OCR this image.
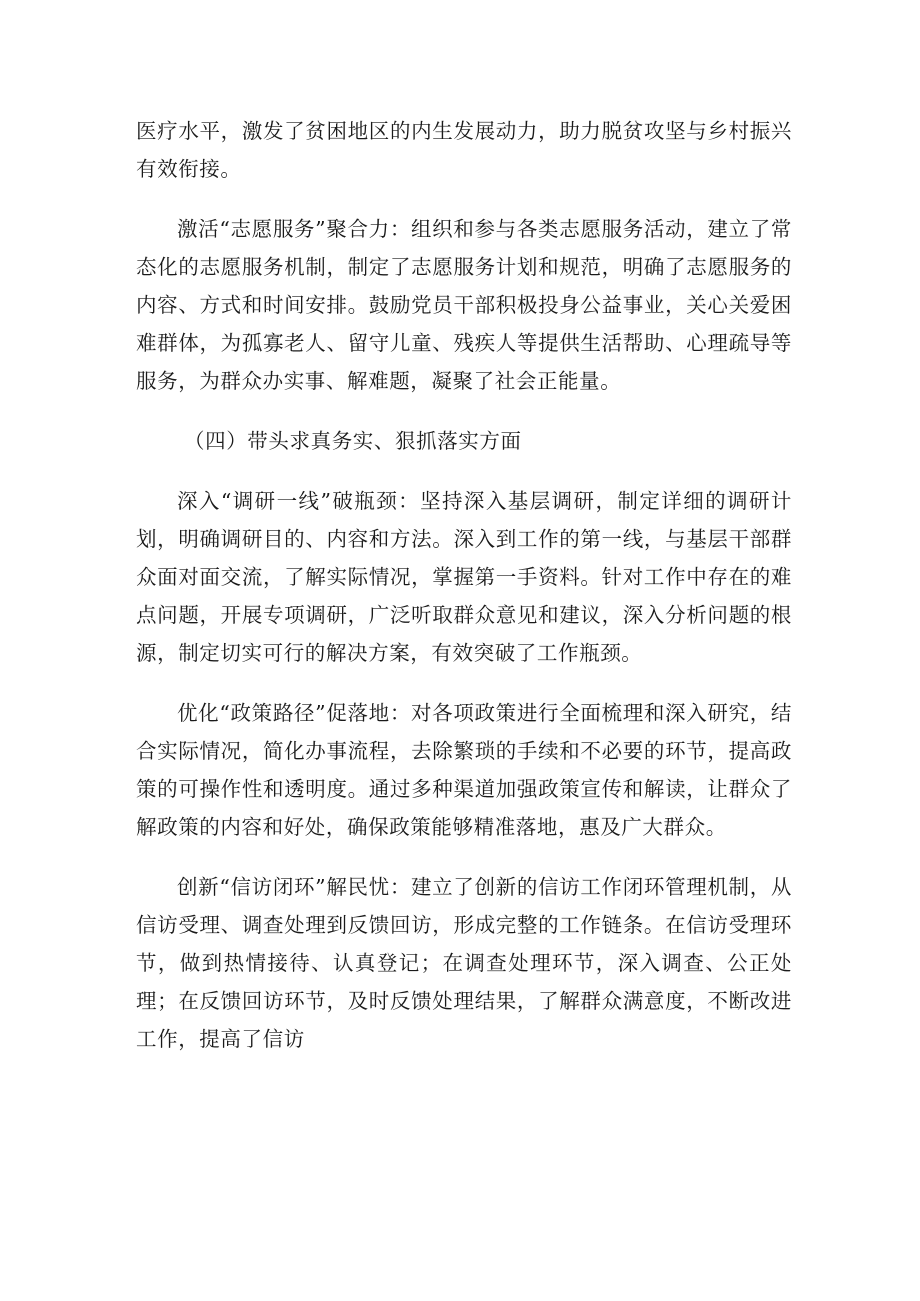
医疗水平，激发了贫困地区的内生发展动力，助力脱贫攻坚与乡村振兴有效衔接。

激活“志愿服务”聚合力：组织和参与各类志愿服务活动，建立了常态化的志愿服务机制，制定了志愿服务计划和规范，明确了志愿服务的内容、方式和时间安排。鼓励党员干部积极投身公益事业，关心关爱困难群体，为孤寡老人、留守儿童、残疾人等提供生活帮助、心理疏导等服务，为群众办实事、解难题，凝聚了社会正能量。

（四）带头求真务实、狠抓落实方面

深入“调研一线”破瓶颈：坚持深入基层调研，制定详细的调研计划，明确调研目的、内容和方法。深入到工作的第一线，与基层干部群众面对面交流，了解实际情况，掌握第一手资料。针对工作中存在的难点问题，开展专项调研，广泛听取群众意见和建议，深入分析问题的根源，制定切实可行的解决方案，有效突破了工作瓶颈。

优化“政策路径”促落地：对各项政策进行全面梳理和深入研究，结合实际情况，简化办事流程，去除繁琐的手续和不必要的环节，提高政策的可操作性和透明度。通过多种渠道加强政策宣传和解读，让群众了解政策的内容和好处，确保政策能够精准落地，惠及广大群众。

创新“信访闭环”解民忧：建立了创新的信访工作闭环管理机制，从信访受理、调查处理到反馈回访，形成完整的工作链条。在信访受理环节，做到热情接待、认真登记；在调查处理环节，深入调查、公正处理；在反馈回访环节，及时反馈处理结果，了解群众满意度，不断改进工作，提高了信访
